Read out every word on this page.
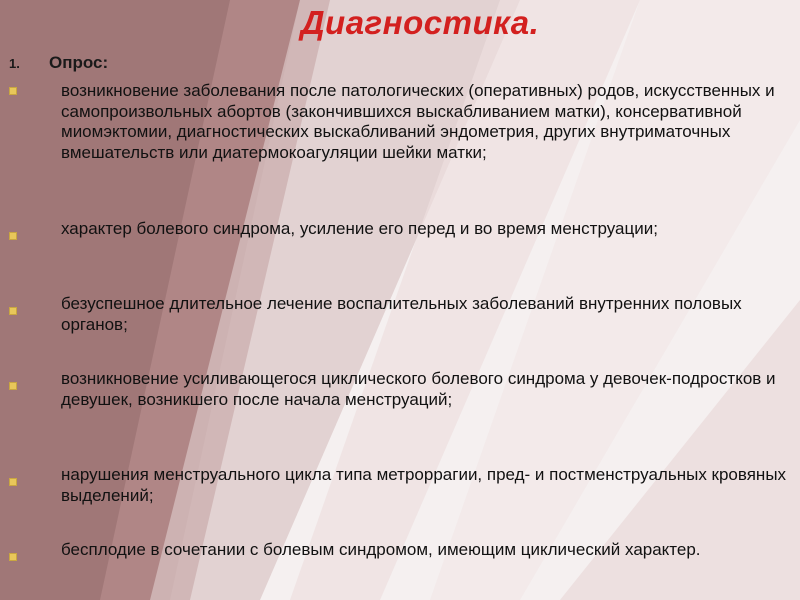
Диагностика.
1. Опрос:
возникновение заболевания после патологических (оперативных) родов, искусственных и самопроизвольных абортов (закончившихся выскабливанием матки), консервативной миомэктомии, диагностических выскабливаний эндометрия, других внутриматочных вмешательств или диатермокоагуляции шейки матки;
характер болевого синдрома, усиление его перед и во время менструации;
безуспешное длительное лечение воспалительных заболеваний внутренних половых органов;
возникновение усиливающегося циклического болевого синдрома у девочек-подростков и девушек, возникшего после начала менструаций;
нарушения менструального цикла типа метроррагии, пред- и постменструальных кровяных выделений;
бесплодие в сочетании с болевым синдромом, имеющим циклический характер.
